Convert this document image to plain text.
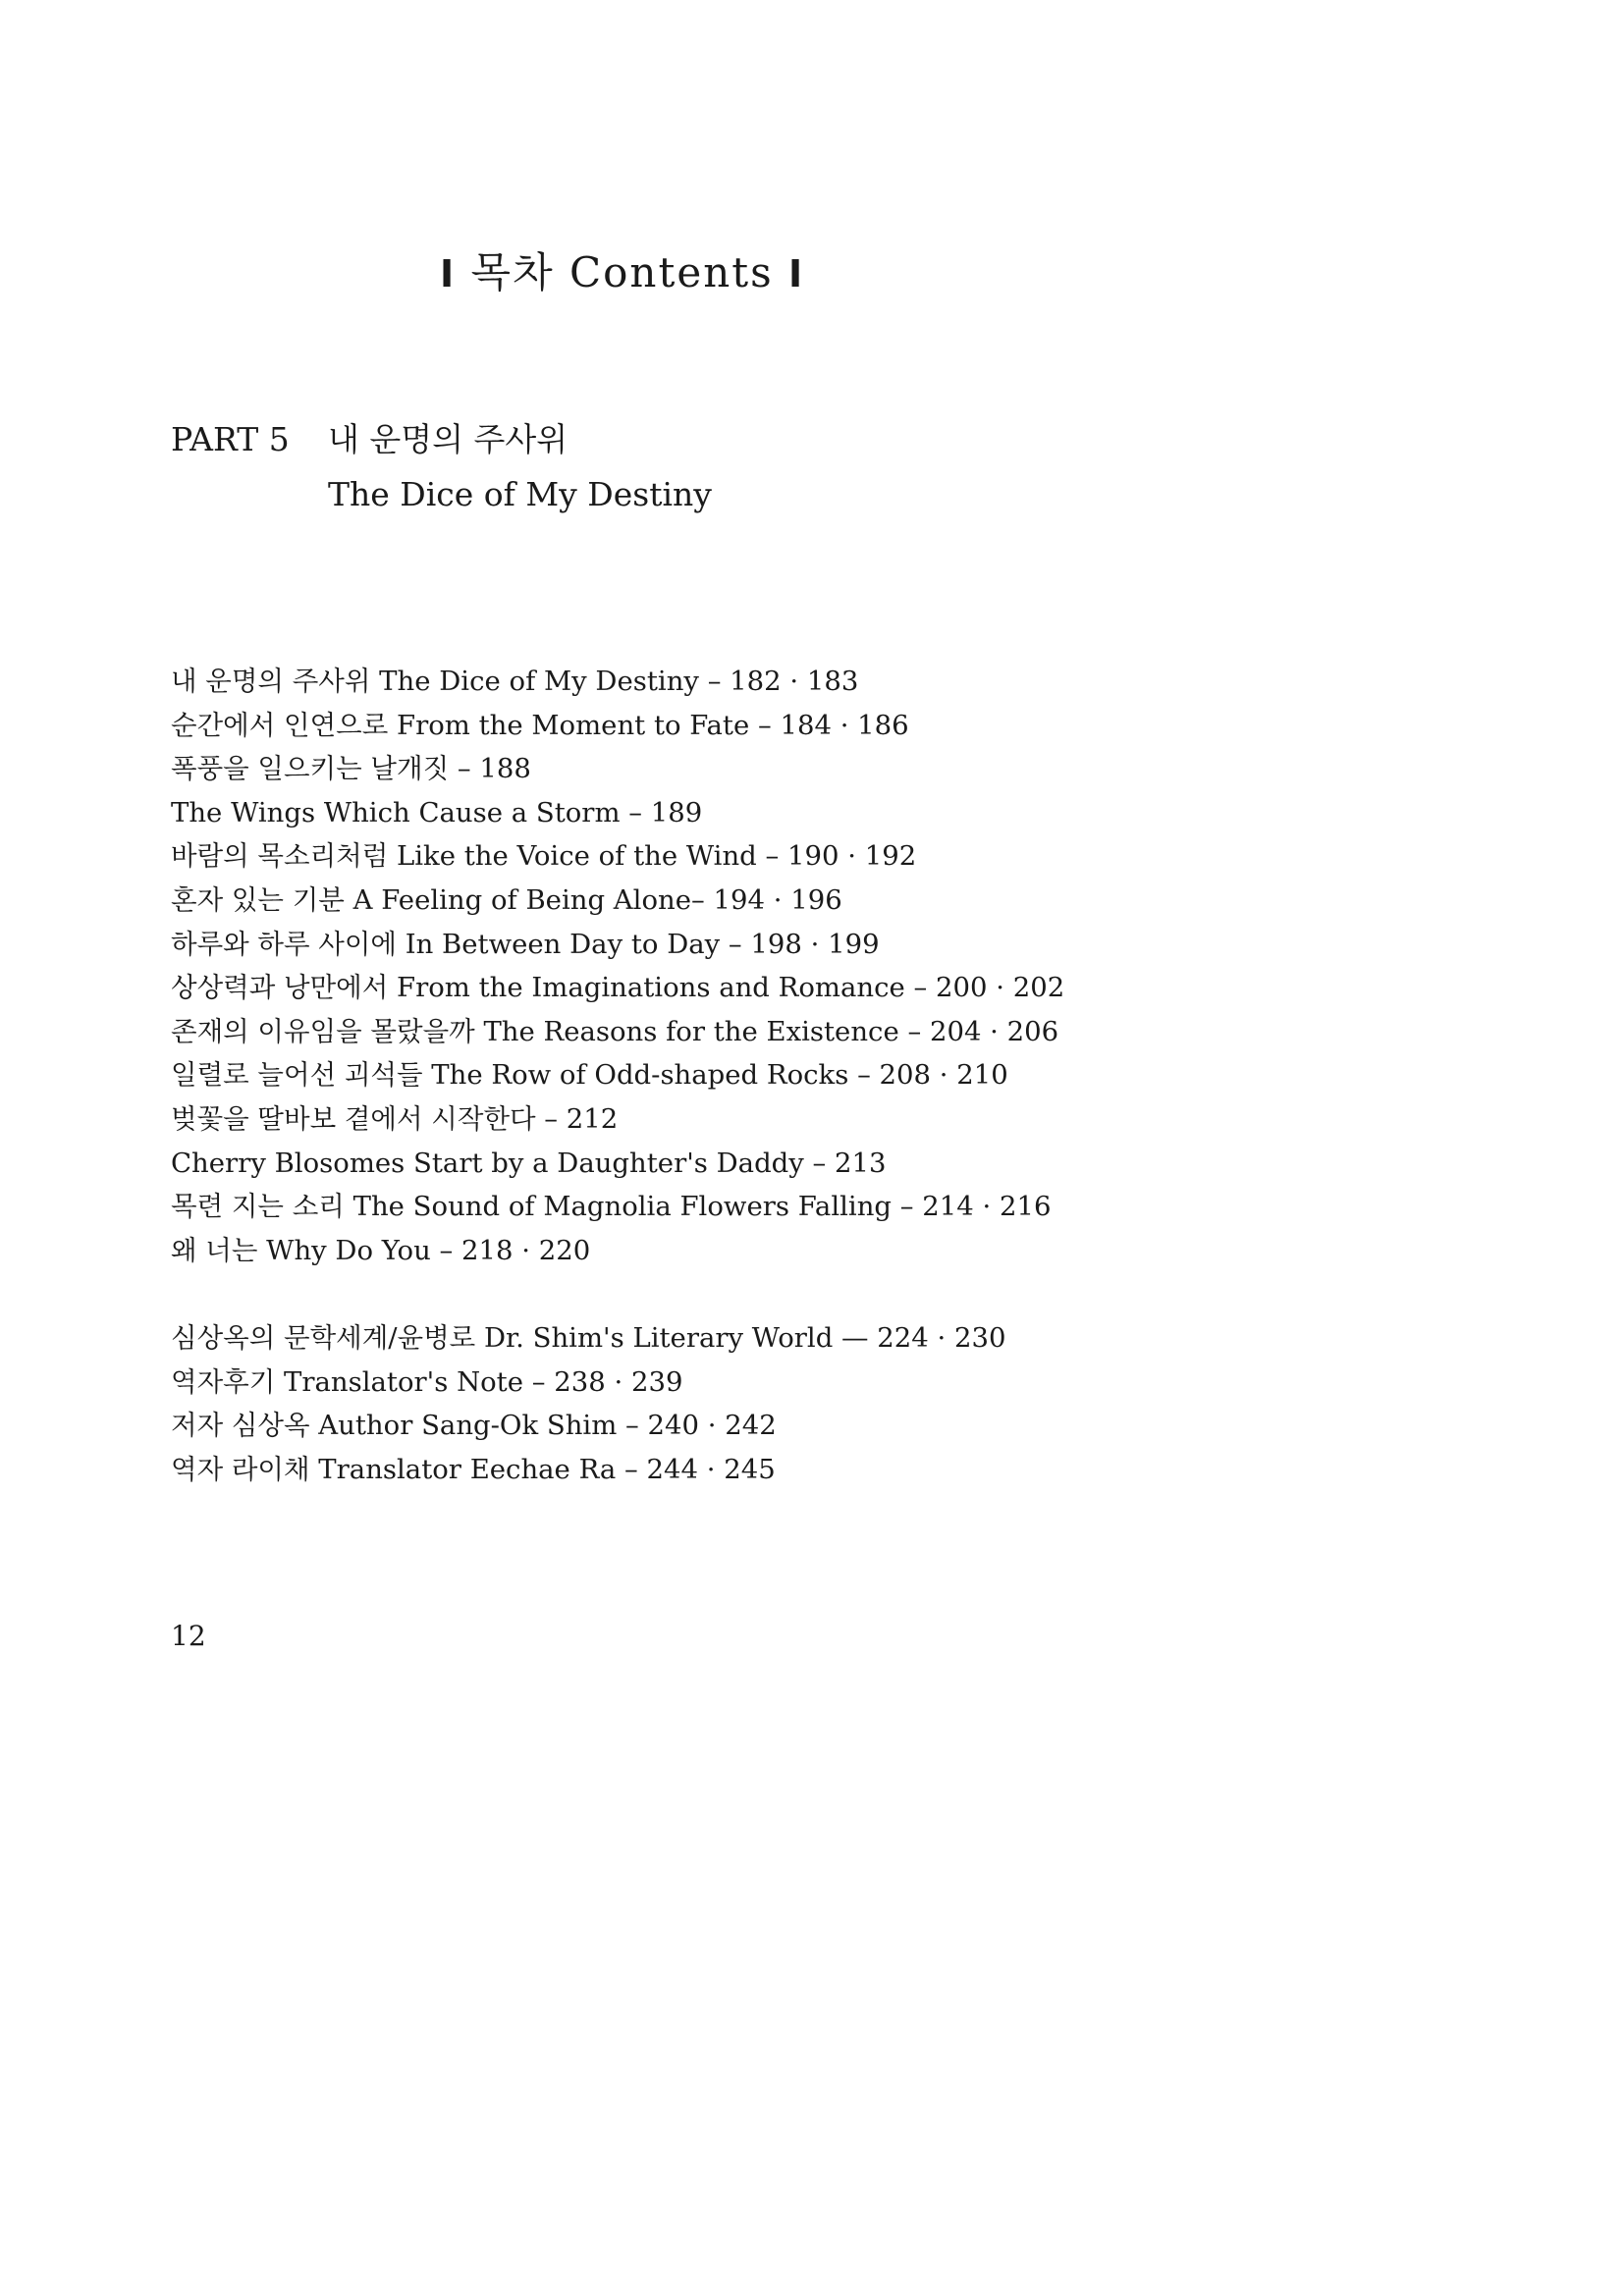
I 목차 Contents I
PART 5	내 운명의 주사위
The Dice of My Destiny
내 운명의 주사위 The Dice of My Destiny – 182 · 183
순간에서 인연으로 From the Moment to Fate – 184 · 186
폭풍을 일으키는 날개짓 – 188
The Wings Which Cause a Storm – 189
바람의 목소리처럼 Like the Voice of the Wind – 190 · 192
혼자 있는 기분 A Feeling of Being Alone– 194 · 196
하루와 하루 사이에 In Between Day to Day – 198 · 199
상상력과 낭만에서 From the Imaginations and Romance – 200 · 202
존재의 이유임을 몰랐을까 The Reasons for the Existence – 204 · 206
일렬로 늘어선 괴석들 The Row of Odd-shaped Rocks – 208 · 210
벚꽃을 딸바보 곁에서 시작한다 – 212
Cherry Blosomes Start by a Daughter's Daddy – 213
목련 지는 소리 The Sound of Magnolia Flowers Falling – 214 · 216
왜 너는 Why Do You – 218 · 220
심상옥의 문학세계/윤병로 Dr. Shim's Literary World — 224 · 230
역자후기 Translator's Note – 238 · 239
저자 심상옥 Author Sang-Ok Shim – 240 · 242
역자 라이채 Translator Eechae Ra – 244 · 245
12
